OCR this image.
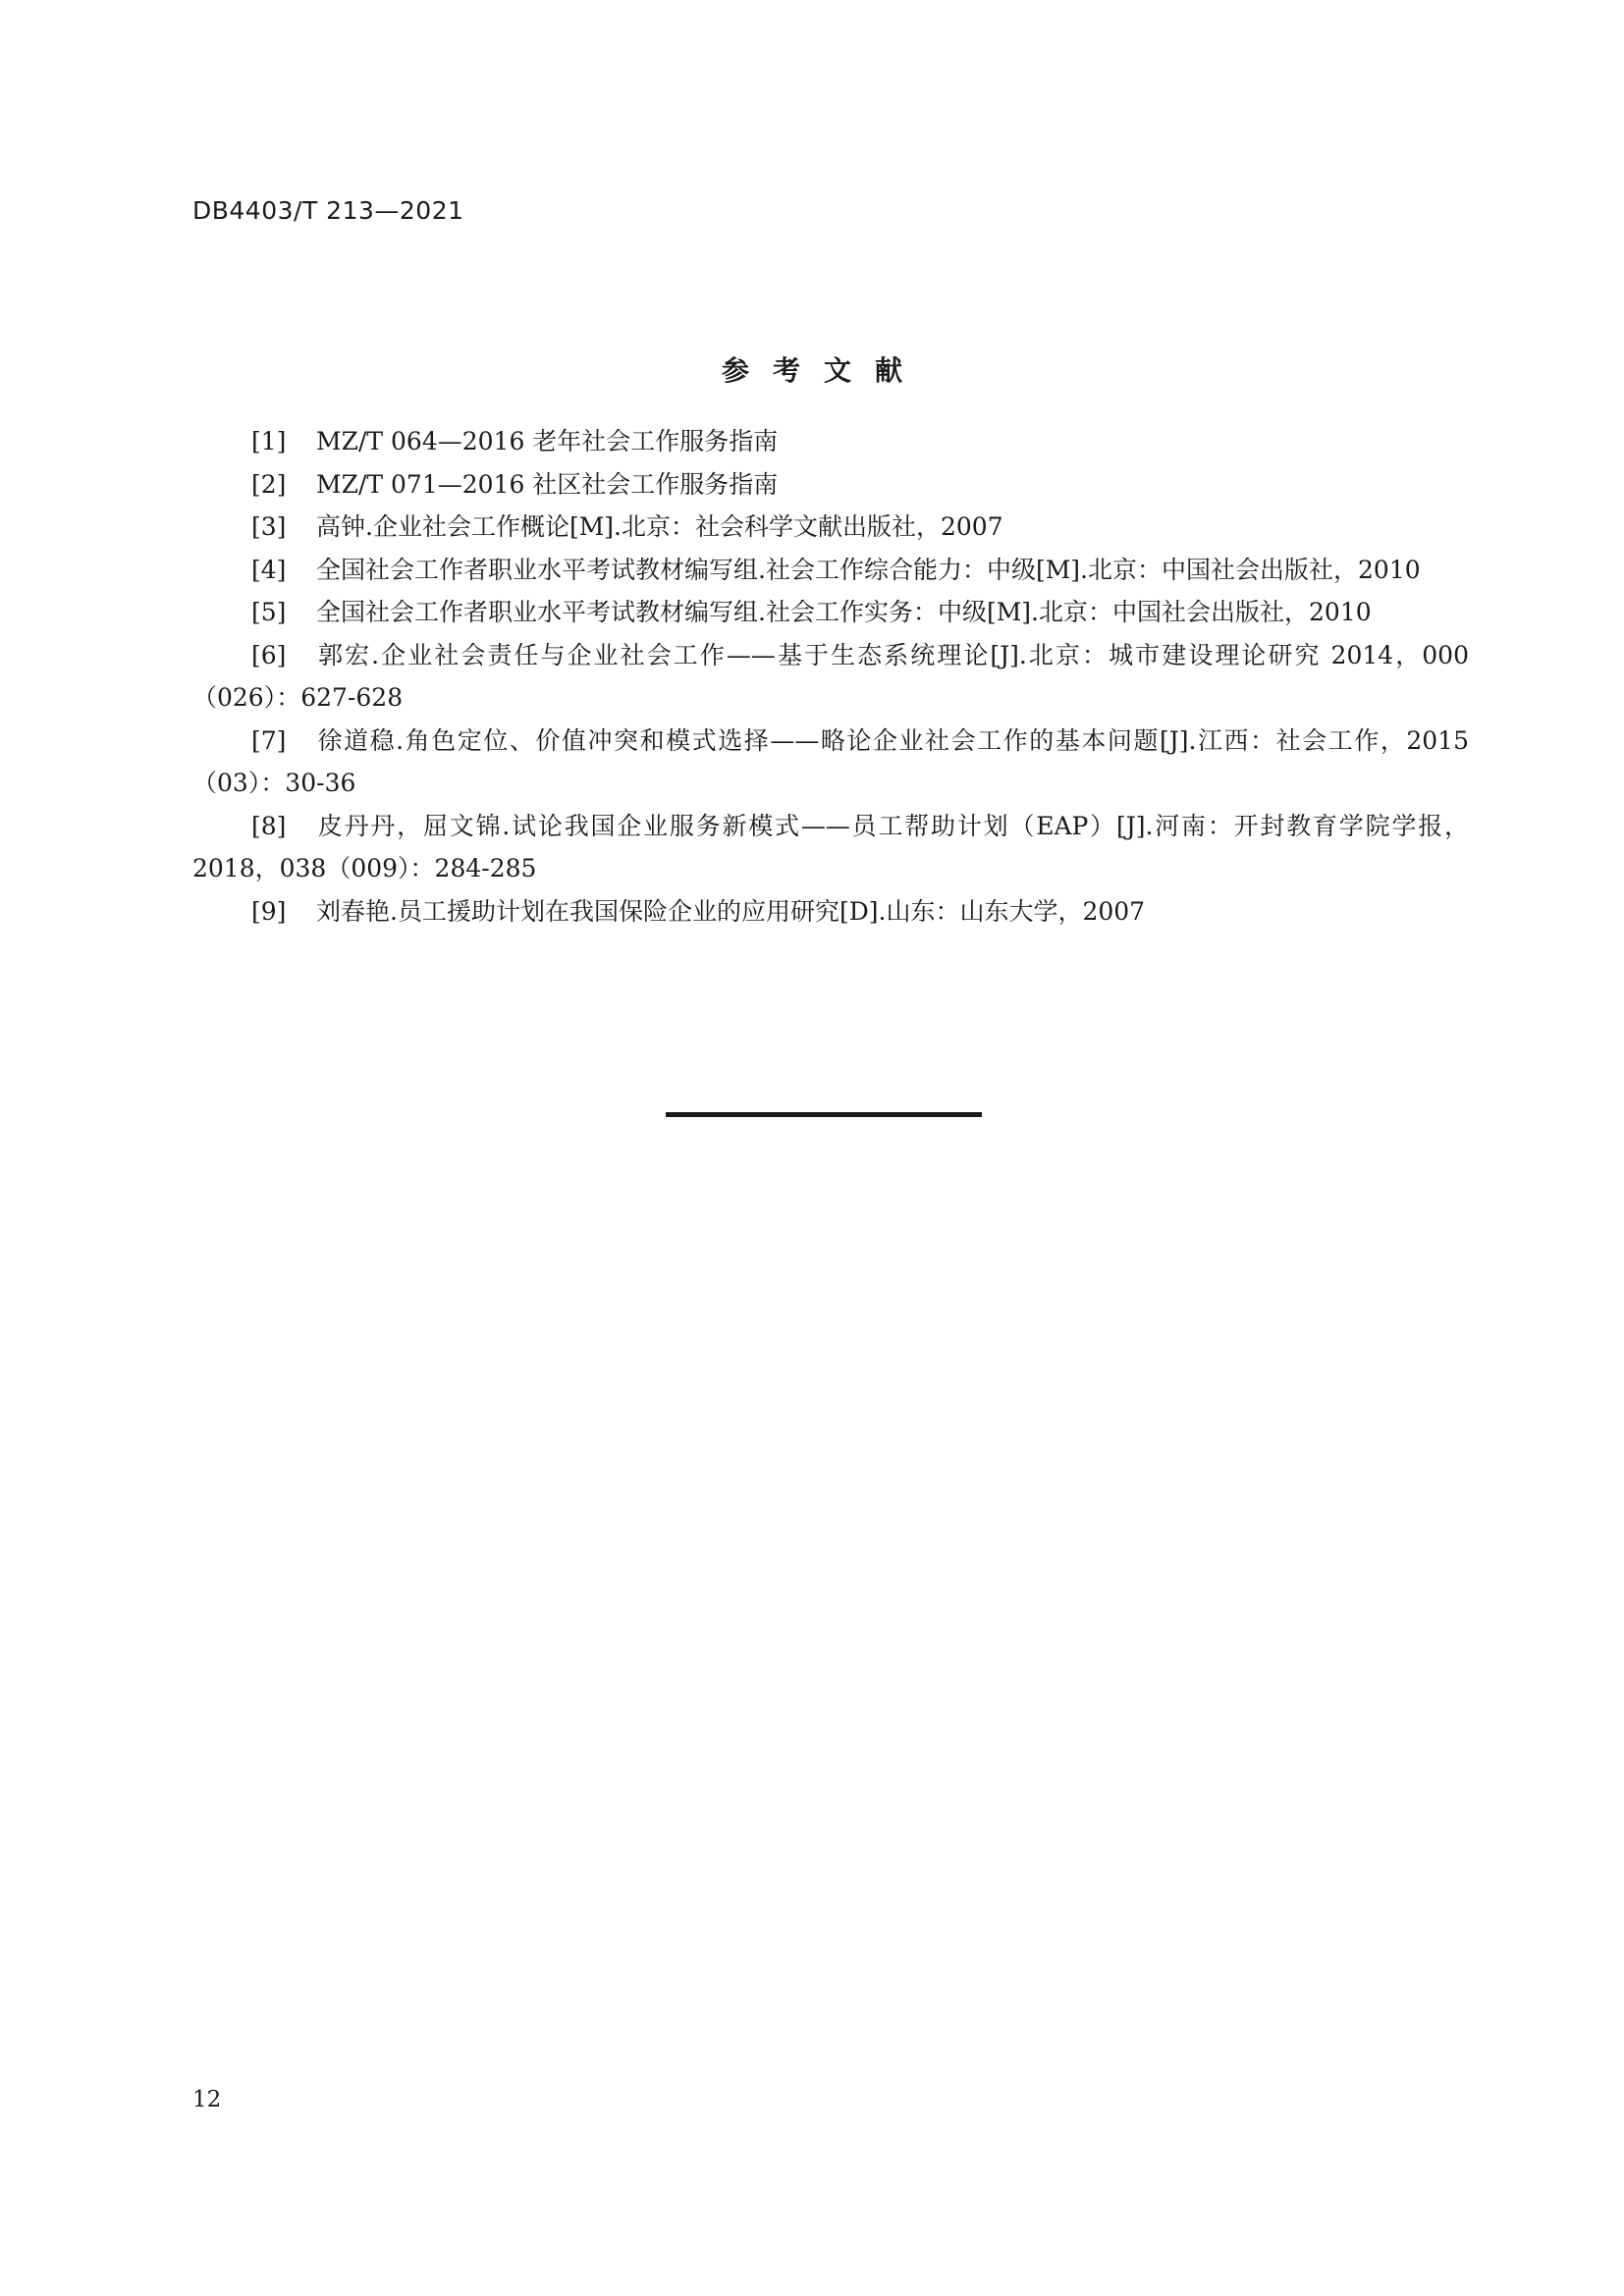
DB4403/T 213—2021
参考文献
[1] MZ/T 064—2016 老年社会工作服务指南
[2] MZ/T 071—2016 社区社会工作服务指南
[3] 高钟.企业社会工作概论[M].北京：社会科学文献出版社，2007
[4] 全国社会工作者职业水平考试教材编写组.社会工作综合能力：中级[M].北京：中国社会出版社，2010
[5] 全国社会工作者职业水平考试教材编写组.社会工作实务：中级[M].北京：中国社会出版社，2010
[6] 郭宏.企业社会责任与企业社会工作——基于生态系统理论[J].北京：城市建设理论研究 2014，000（026）：627-628
[7] 徐道稳.角色定位、价值冲突和模式选择——略论企业社会工作的基本问题[J].江西：社会工作，2015（03）：30-36
[8] 皮丹丹，屈文锦.试论我国企业服务新模式——员工帮助计划（EAP）[J].河南：开封教育学院学报，2018，038（009）：284-285
[9] 刘春艳.员工援助计划在我国保险企业的应用研究[D].山东：山东大学，2007
12
